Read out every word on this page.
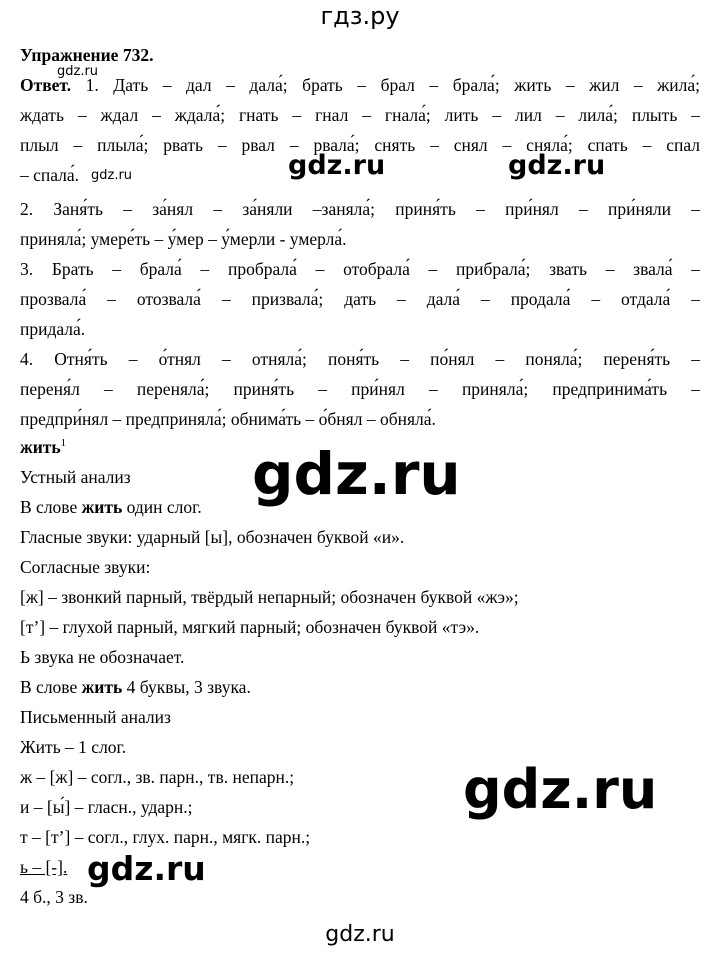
гдз.ру
Упражнение 732.
Ответ. 1. Дать – дал – дала́; брать – брал – брала́; жить – жил – жила́;
ждать – ждал – ждала́; гнать – гнал – гнала́; лить – лил – лила́; плыть –
плыл – плыла́; рвать – рвал – рвала́; снять – снял – сняла́; спать – спал
– спала́.
2. Заня́ть – за́нял – за́няли –заняла́; приня́ть – при́нял – при́няли –
приняла́; умере́ть – у́мер – у́мерли - умерла́.
3. Брать – брала́ – пробрала́ – отобрала́ – прибрала́; звать – звала́ –
прозвала́ – отозвала́ – призвала́; дать – дала́ – продала́ – отдала́ –
придала́.
4. Отня́ть – о́тнял – отняла́; поня́ть – по́нял – поняла́; переня́ть –
переня́л – переняла́; приня́ть – при́нял – приняла́; предпринима́ть –
предпри́нял – предприняла́; обнима́ть – о́бнял – обняла́.
жить$^1$
Устный анализ
В слове жить один слог.
Гласные звуки: ударный [ы], обозначен буквой «и».
Согласные звуки:
[ж] – звонкий парный, твёрдый непарный; обозначен буквой «жэ»;
[т’] – глухой парный, мягкий парный; обозначен буквой «тэ».
Ь звука не обозначает.
В слове жить 4 буквы, 3 звука.
Письменный анализ
Жить – 1 слог.
ж – [ж] – согл., зв. парн., тв. непарн.;
и – [ы́] – гласн., ударн.;
т – [т’] – согл., глух. парн., мягк. парн.;
ь – [-].
4 б., 3 зв.
gdz.ru
gdz.ru	gdz.ru	gdz.ru
gdz.ru
gdz.ru
gdz.ru
gdz.ru
